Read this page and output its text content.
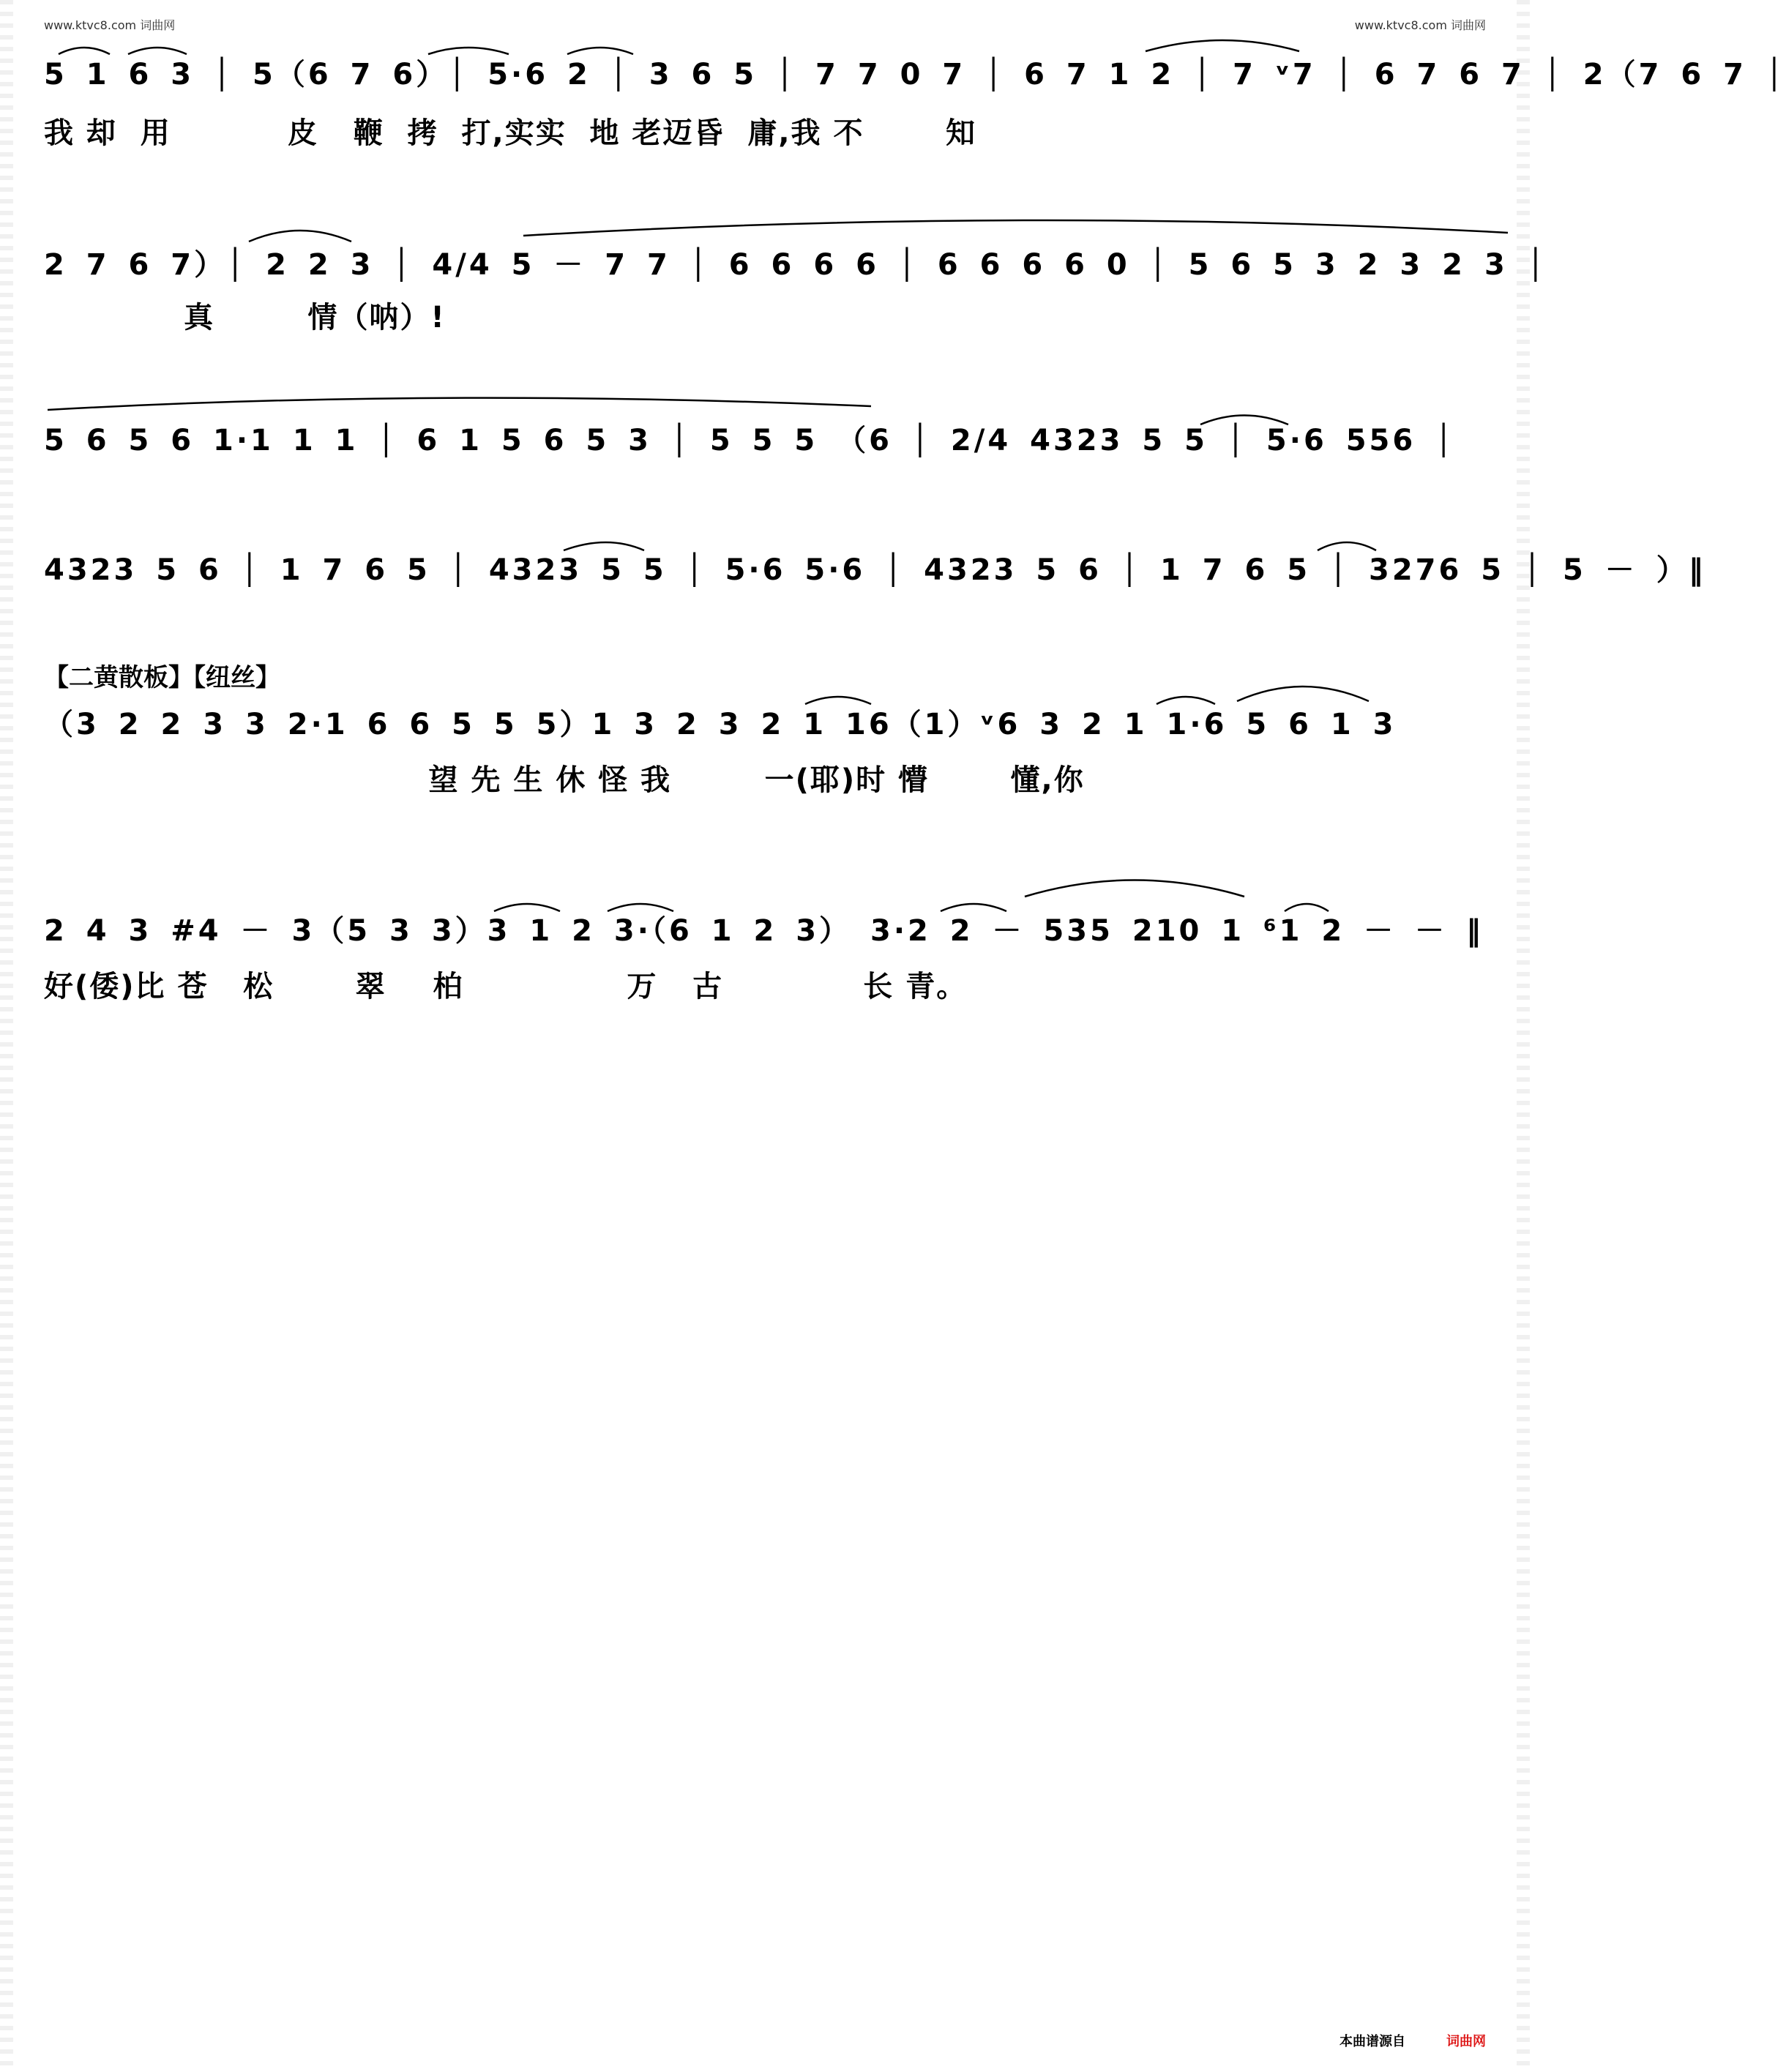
www.ktvc8.com 词曲网	www.ktvc8.com 词曲网
5 1 6 3 │ 5（6 7 6）│ 5·6 2 │ 3 6 5 │ 7 7 0 7 │ 6 7 1 2 │ 7 ᵛ7 │ 6 7 6 7 │ 2（7 6 7 │
我 却  用          皮   鞭  拷  打,实实  地 老迈昏  庸,我 不       知
2 7 6 7）│ 2 2 3 │ 4/4 5 － 7 7 │ 6 6 6 6 │ 6 6 6 6 0 │ 5 6 5 3 2 3 2 3 │
真        情（呐）!
5 6 5 6 1·1 1 1 │ 6 1 5 6 5 3 │ 5 5 5 （6 │ 2/4 4323 5 5 │ 5·6 556 │
4323 5 6 │ 1 7 6 5 │ 4323 5 5 │ 5·6 5·6 │ 4323 5 6 │ 1 7 6 5 │ 3276 5 │ 5 － ）‖
【二黄散板】【纽丝】
（3 2 2 3 3 2·1 6 6 5 5 5）1 3 2 3 2 1 16（1）ᵛ6 3 2 1 1·6 5 6 1 3
望 先 生 休 怪 我        一(耶)时 懵       懂,你
2 4 3 #4 － 3（5 3 3）3 1 2 3·（6 1 2 3） 3·2 2 － 535 210 1 ⁶1 2 － － ‖
好(倭)比 苍   松       翠    柏              万   古            长 青。
本曲谱源自	词曲网
